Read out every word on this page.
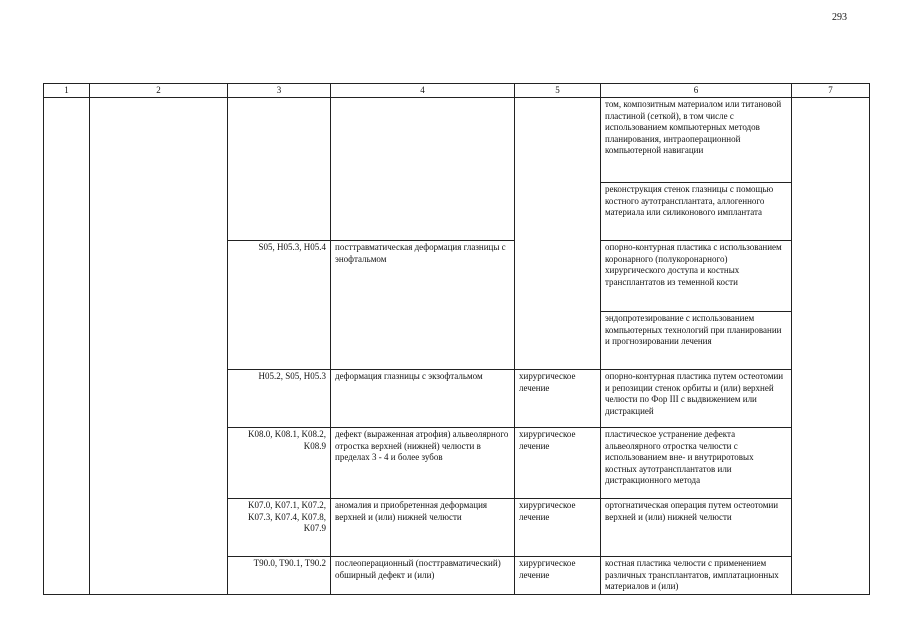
293
1	2	3	4	5	6	7
					том, композитным материалом или титановой пластиной (сеткой), в том числе с использованием компьютерных методов планирования, интраоперационной компьютерной навигации	
					реконструкция стенок глазницы с помощью костного аутотрансплантата, аллогенного материала или силиконового имплантата	
		S05, H05.3, H05.4	посттравматическая деформация глазницы с энофтальмом		опорно-контурная пластика с использованием коронарного (полукоронарного) хирургического доступа и костных трансплантатов из теменной кости	
					эндопротезирование с использованием компьютерных технологий при планировании и прогнозировании лечения	
		H05.2, S05, H05.3	деформация глазницы с экзофтальмом	хирургическое лечение	опорно-контурная пластика путем остеотомии и репозиции стенок орбиты и (или) верхней челюсти по Фор III с выдвижением или дистракцией	
		K08.0, K08.1, K08.2, K08.9	дефект (выраженная атрофия) альвеолярного отростка верхней (нижней) челюсти в пределах 3 - 4 и более зубов	хирургическое лечение	пластическое устранение дефекта альвеолярного отростка челюсти с использованием вне- и внутриротовых костных аутотрансплантатов или дистракционного метода	
		K07.0, K07.1, K07.2, K07.3, K07.4, K07.8, K07.9	аномалия и приобретенная деформация верхней и (или) нижней челюсти	хирургическое лечение	ортогнатическая операция путем остеотомии верхней и (или) нижней челюсти	
		T90.0, T90.1, T90.2	послеоперационный (посттравматический) обширный дефект и (или)	хирургическое лечение	костная пластика челюсти с применением различных трансплантатов, имплатационных материалов и (или)	
